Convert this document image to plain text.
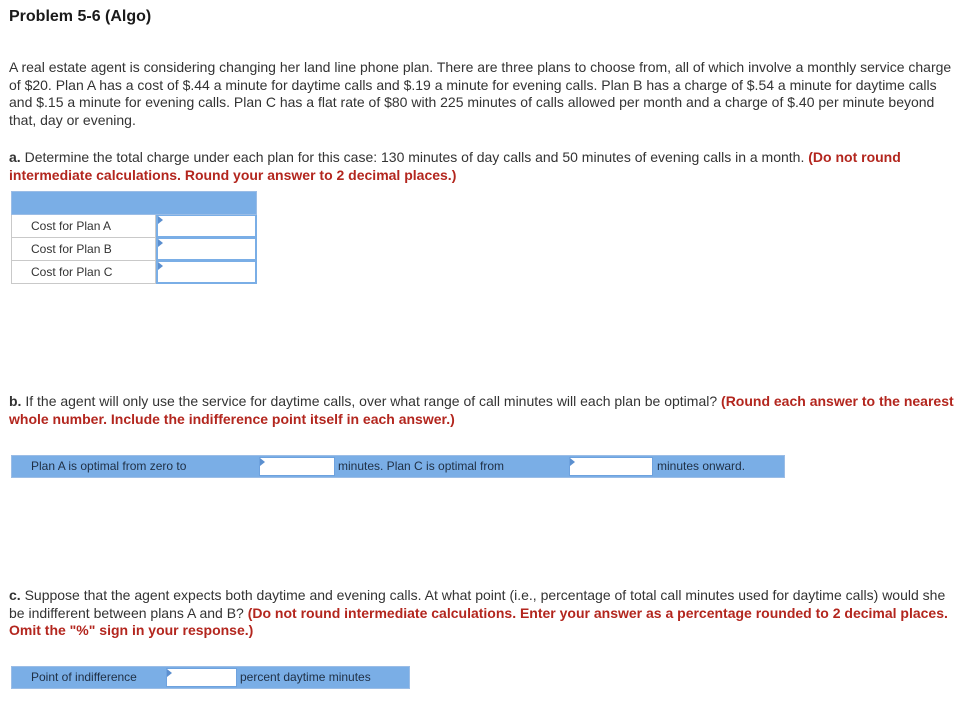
Problem 5-6 (Algo)

A real estate agent is considering changing her land line phone plan. There are three plans to choose from, all of which involve a monthly service charge of $20. Plan A has a cost of $.44 a minute for daytime calls and $.19 a minute for evening calls. Plan B has a charge of $.54 a minute for daytime calls and $.15 a minute for evening calls. Plan C has a flat rate of $80 with 225 minutes of calls allowed per month and a charge of $.40 per minute beyond that, day or evening.

a. Determine the total charge under each plan for this case: 130 minutes of day calls and 50 minutes of evening calls in a month. (Do not round intermediate calculations. Round your answer to 2 decimal places.)

Cost for Plan A
Cost for Plan B
Cost for Plan C

b. If the agent will only use the service for daytime calls, over what range of call minutes will each plan be optimal? (Round each answer to the nearest whole number. Include the indifference point itself in each answer.)

Plan A is optimal from zero to	minutes. Plan C is optimal from	minutes onward.

c. Suppose that the agent expects both daytime and evening calls. At what point (i.e., percentage of total call minutes used for daytime calls) would she be indifferent between plans A and B? (Do not round intermediate calculations. Enter your answer as a percentage rounded to 2 decimal places. Omit the "%" sign in your response.)

Point of indifference	percent daytime minutes
